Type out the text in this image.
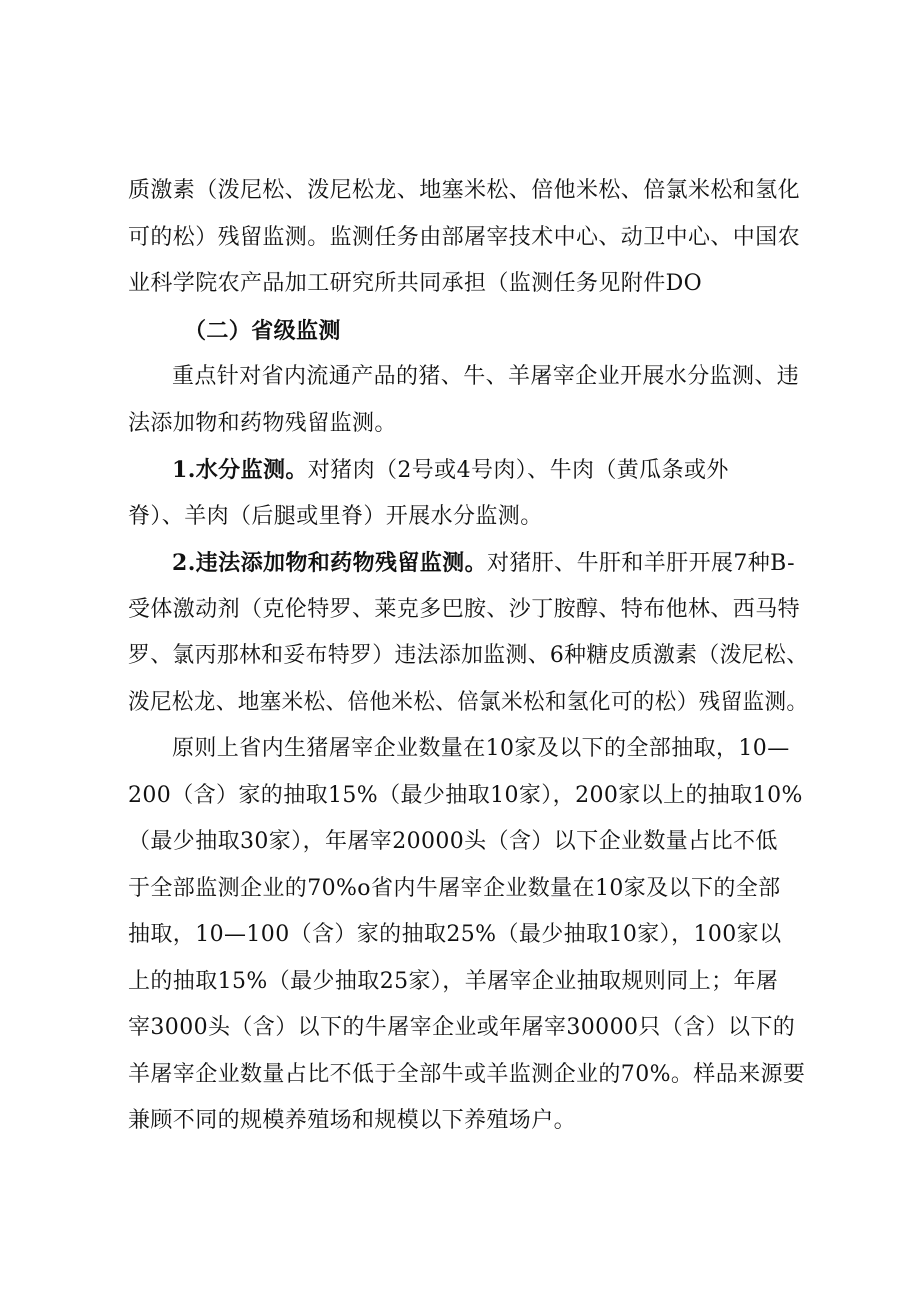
质激素（泼尼松、泼尼松龙、地塞米松、倍他米松、倍氯米松和氢化
可的松）残留监测。监测任务由部屠宰技术中心、动卫中心、中国农
业科学院农产品加工研究所共同承担（监测任务见附件DO
（二）省级监测
重点针对省内流通产品的猪、牛、羊屠宰企业开展水分监测、违
法添加物和药物残留监测。
1.水分监测。对猪肉（2号或4号肉）、牛肉（黄瓜条或外
脊）、羊肉（后腿或里脊）开展水分监测。
2.违法添加物和药物残留监测。对猪肝、牛肝和羊肝开展7种B-
受体激动剂（克伦特罗、莱克多巴胺、沙丁胺醇、特布他林、西马特
罗、氯丙那林和妥布特罗）违法添加监测、6种糖皮质激素（泼尼松、
泼尼松龙、地塞米松、倍他米松、倍氯米松和氢化可的松）残留监测。
原则上省内生猪屠宰企业数量在10家及以下的全部抽取，10—
200（含）家的抽取15%（最少抽取10家），200家以上的抽取10%
（最少抽取30家），年屠宰20000头（含）以下企业数量占比不低
于全部监测企业的70%o省内牛屠宰企业数量在10家及以下的全部
抽取，10—100（含）家的抽取25%（最少抽取10家），100家以
上的抽取15%（最少抽取25家），羊屠宰企业抽取规则同上；年屠
宰3000头（含）以下的牛屠宰企业或年屠宰30000只（含）以下的
羊屠宰企业数量占比不低于全部牛或羊监测企业的70%。样品来源要
兼顾不同的规模养殖场和规模以下养殖场户。
